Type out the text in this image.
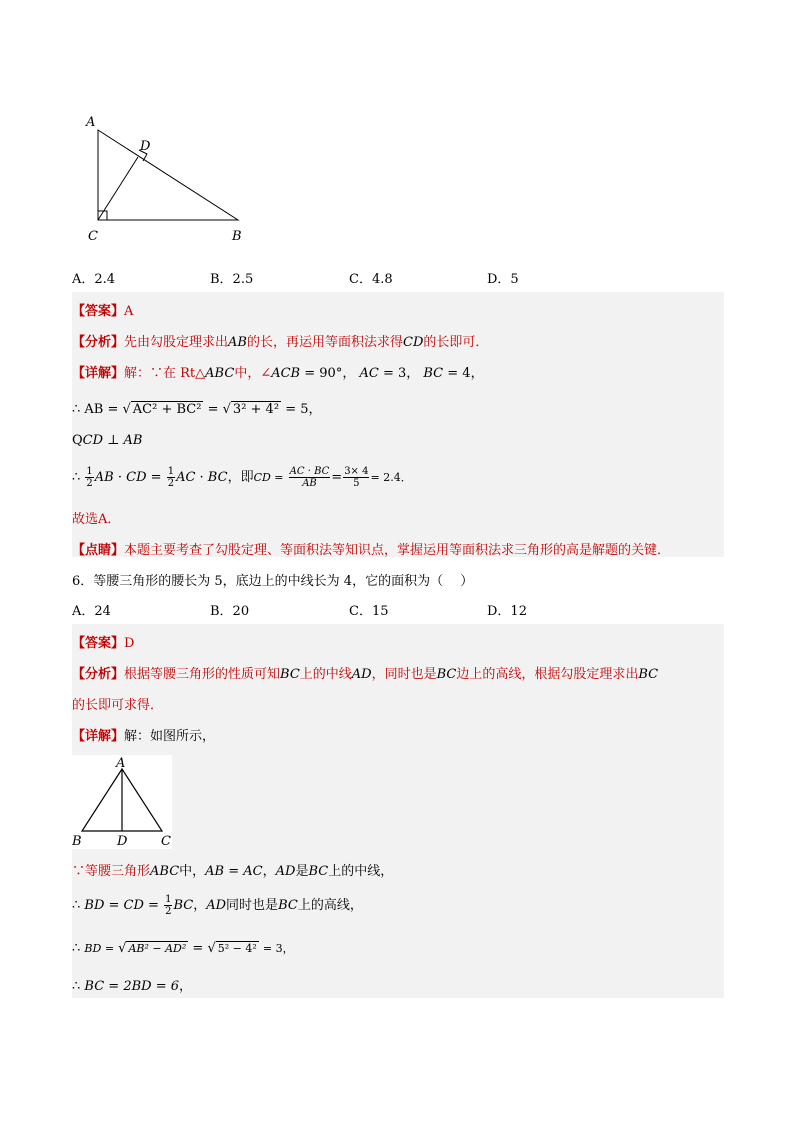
A
D
C	B
A．2.4	B．2.5	C．4.8	D．5
【答案】A
【分析】先由勾股定理求出AB的长，再运用等面积法求得CD的长即可．
【详解】解：∵在 Rt△ABC中，∠ACB = 90°， AC = 3， BC = 4，
∴ AB = √ AC² + BC² = √ 3² + 4² = 5，
QCD ⊥ AB
∴ $\frac{1}{2}$ AB · CD = $\frac{1}{2}$ AC · BC，即CD = $\frac{AC \cdot BC}{AB} = \frac{3\times 4}{5} = 2.4$．
故选A．
【点睛】本题主要考查了勾股定理、等面积法等知识点，掌握运用等面积法求三角形的高是解题的关键．
6．等腰三角形的腰长为 5，底边上的中线长为 4，它的面积为（　 ）
A．24	B．20	C．15	D．12
【答案】D
【分析】根据等腰三角形的性质可知BC上的中线AD，同时也是BC边上的高线，根据勾股定理求出BC
的长即可求得．
【详解】解：如图所示，
A
B	D	C
∵等腰三角形ABC中，AB = AC，AD是BC上的中线，
∴ BD = CD = $\frac{1}{2}$ BC，AD同时也是BC上的高线，
∴ BD = √ AB² − AD² = √ 5² − 4² = 3，
∴ BC = 2BD = 6，
